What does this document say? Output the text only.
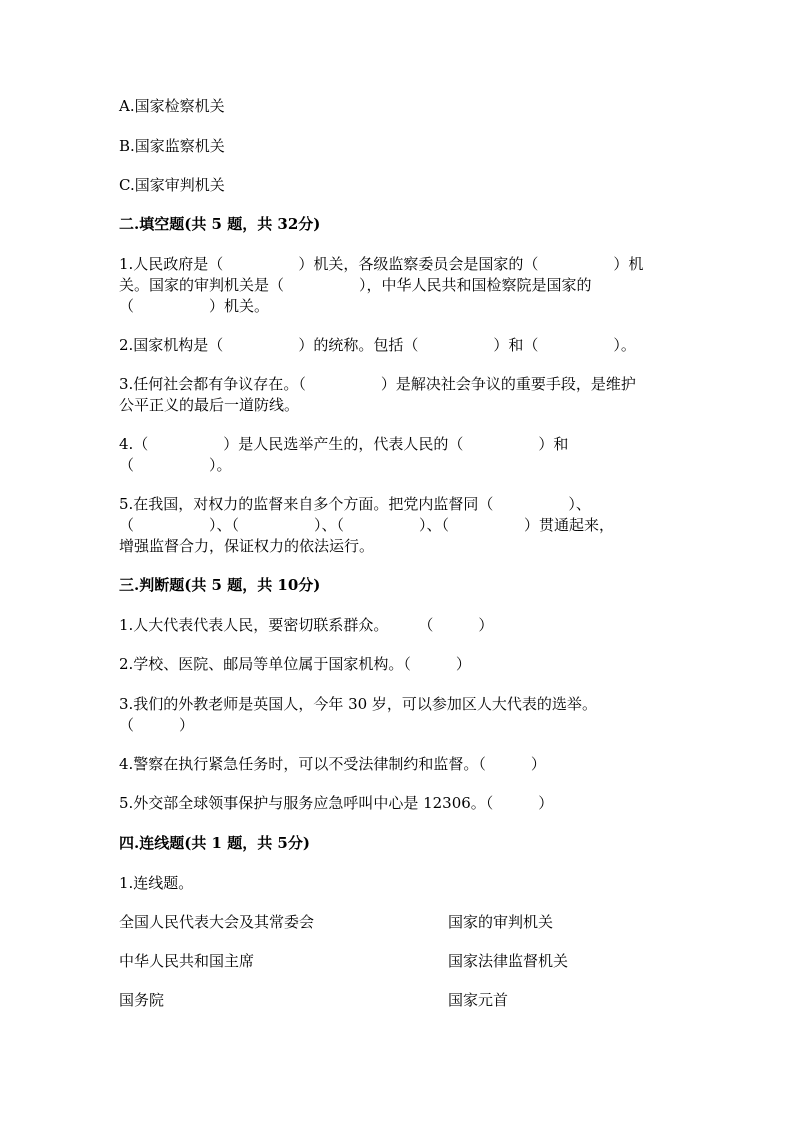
A.国家检察机关
B.国家监察机关
C.国家审判机关
二.填空题(共 5 题，共 32分)
1.人民政府是（　　　　　）机关，各级监察委员会是国家的（　　　　　）机
关。国家的审判机关是（　　　　　），中华人民共和国检察院是国家的
（　　　　　）机关。
2.国家机构是（　　　　　）的统称。包括（　　　　　）和（　　　　　）。
3.任何社会都有争议存在。（　　　　　）是解决社会争议的重要手段，是维护
公平正义的最后一道防线。
4.（　　　　　）是人民选举产生的，代表人民的（　　　　　）和
（　　　　　）。
5.在我国，对权力的监督来自多个方面。把党内监督同（　　　　　）、
（　　　　　）、（　　　　　）、（　　　　　）、（　　　　　）贯通起来，
增强监督合力，保证权力的依法运行。
三.判断题(共 5 题，共 10分)
1.人大代表代表人民，要密切联系群众。　　　（　　　）
2.学校、医院、邮局等单位属于国家机构。（　　　）
3.我们的外教老师是英国人，今年 30 岁，可以参加区人大代表的选举。
（　　　）
4.警察在执行紧急任务时，可以不受法律制约和监督。（　　　）
5.外交部全球领事保护与服务应急呼叫中心是 12306。（　　　）
四.连线题(共 1 题，共 5分)
1.连线题。
全国人民代表大会及其常委会	国家的审判机关
中华人民共和国主席	国家法律监督机关
国务院	国家元首
